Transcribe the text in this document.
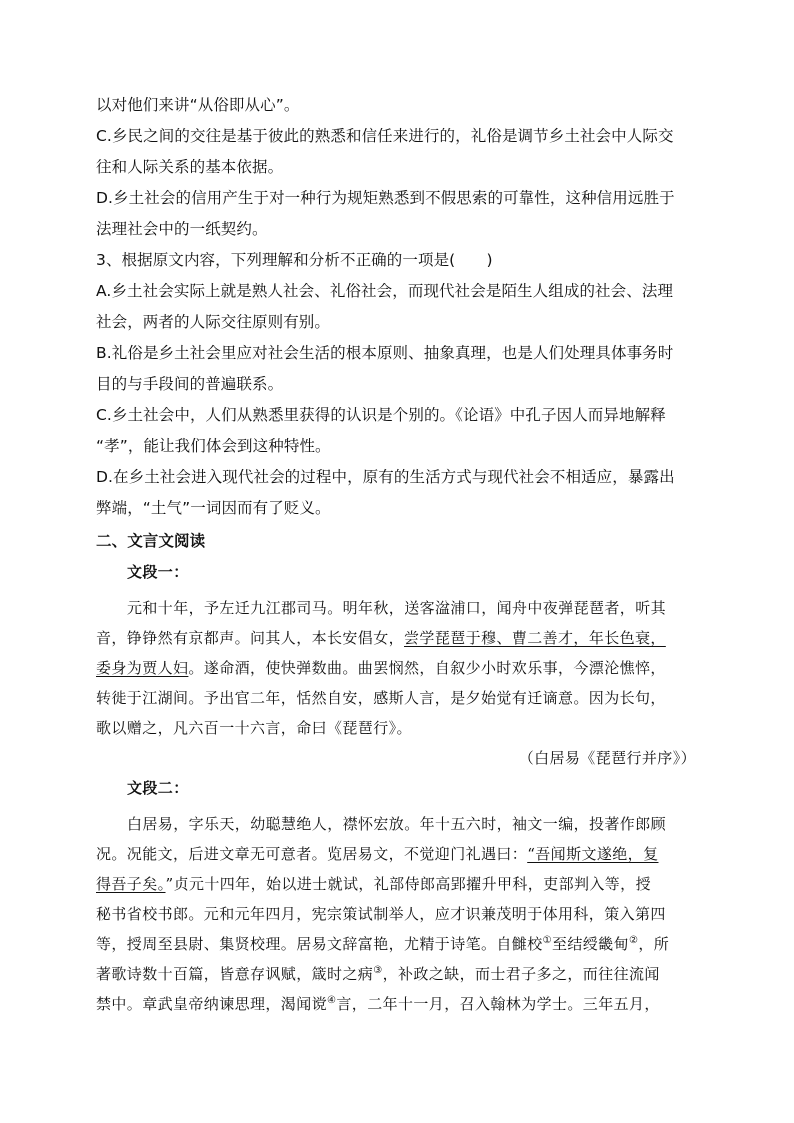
以对他们来讲“从俗即从心”。
C.乡民之间的交往是基于彼此的熟悉和信任来进行的，礼俗是调节乡土社会中人际交
往和人际关系的基本依据。
D.乡土社会的信用产生于对一种行为规矩熟悉到不假思索的可靠性，这种信用远胜于
法理社会中的一纸契约。
3、根据原文内容，下列理解和分析不正确的一项是(　　)
A.乡土社会实际上就是熟人社会、礼俗社会，而现代社会是陌生人组成的社会、法理
社会，两者的人际交往原则有别。
B.礼俗是乡土社会里应对社会生活的根本原则、抽象真理，也是人们处理具体事务时
目的与手段间的普遍联系。
C.乡土社会中，人们从熟悉里获得的认识是个别的。《论语》中孔子因人而异地解释
“孝”，能让我们体会到这种特性。
D.在乡土社会进入现代社会的过程中，原有的生活方式与现代社会不相适应，暴露出
弊端，“土气”一词因而有了贬义。
二、文言文阅读
文段一：
元和十年，予左迁九江郡司马。明年秋，送客湓浦口，闻舟中夜弹琵琶者，听其
音，铮铮然有京都声。问其人，本长安倡女，尝学琵琶于穆、曹二善才，年长色衰，
委身为贾人妇。遂命酒，使快弹数曲。曲罢悯然，自叙少小时欢乐事，今漂沦憔悴，
转徙于江湖间。予出官二年，恬然自安，感斯人言，是夕始觉有迁谪意。因为长句，
歌以赠之，凡六百一十六言，命曰《琵琶行》。
（白居易《琵琶行并序》）
文段二：
白居易，字乐天，幼聪慧绝人，襟怀宏放。年十五六时，袖文一编，投著作郎顾
况。况能文，后进文章无可意者。览居易文，不觉迎门礼遇曰：“吾闻斯文遂绝，复
得吾子矣。”贞元十四年，始以进士就试，礼部侍郎高郢擢升甲科，吏部判入等，授
秘书省校书郎。元和元年四月，宪宗策试制举人，应才识兼茂明于体用科，策入第四
等，授周至县尉、集贤校理。居易文辞富艳，尤精于诗笔。自雠校①至结绶畿甸②，所
著歌诗数十百篇，皆意存讽赋，箴时之病③，补政之缺，而士君子多之，而往往流闻
禁中。章武皇帝纳谏思理，渴闻谠④言，二年十一月，召入翰林为学士。三年五月，
